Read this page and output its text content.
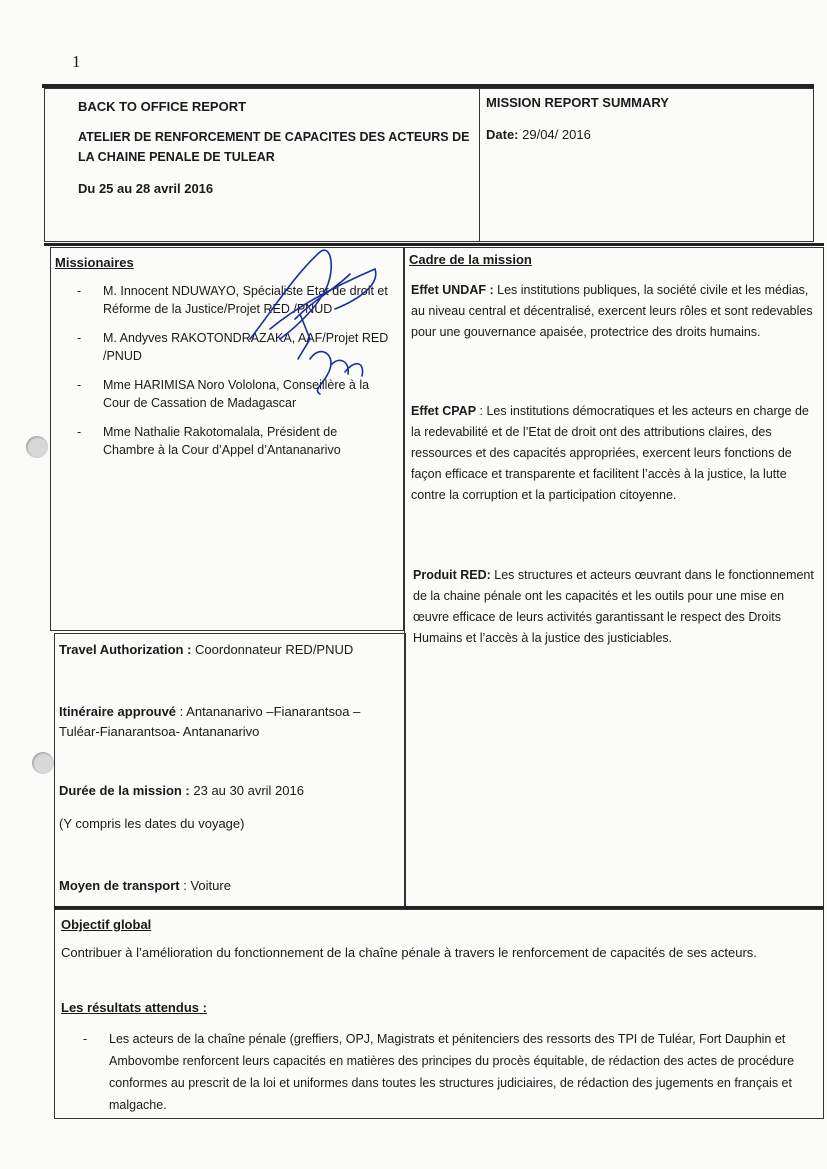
1
BACK TO OFFICE REPORT
ATELIER DE RENFORCEMENT DE CAPACITES DES ACTEURS DE LA CHAINE PENALE DE TULEAR
Du 25 au 28 avril 2016
MISSION REPORT SUMMARY
Date: 29/04/ 2016
Missionaires
- M. Innocent NDUWAYO, Spécialiste Etat de droit et Réforme de la Justice/Projet RED /PNUD
- M. Andyves RAKOTONDRAZAKA, AAF/Projet RED /PNUD
- Mme HARIMISA Noro Vololona, Conseillère à la Cour de Cassation de Madagascar
- Mme Nathalie Rakotomalala, Président de Chambre à la Cour d’Appel d’Antananarivo
Cadre de la mission

Effet UNDAF : Les institutions publiques, la société civile et les médias, au niveau central et décentralisé, exercent leurs rôles et sont redevables pour une gouvernance apaisée, protectrice des droits humains.

Effet CPAP : Les institutions démocratiques et les acteurs en charge de la redevabilité et de l’Etat de droit ont des attributions claires, des ressources et des capacités appropriées, exercent leurs fonctions de façon efficace et transparente et facilitent l’accès à la justice, la lutte contre la corruption et la participation citoyenne.

Produit RED: Les structures et acteurs œuvrant dans le fonctionnement de la chaine pénale ont les capacités et les outils pour une mise en œuvre efficace de leurs activités garantissant le respect des Droits Humains et l’accès à la justice des justiciables.

Travel Authorization : Coordonnateur RED/PNUD
Itinéraire approuvé : Antananarivo –Fianarantsoa – Tuléar-Fianarantsoa- Antananarivo
Durée de la mission : 23 au 30 avril 2016
(Y compris les dates du voyage)
Moyen de transport : Voiture
Objectif global

Contribuer à l’amélioration du fonctionnement de la chaîne pénale à travers le renforcement de capacités de ses acteurs.

Les résultats attendus :
- Les acteurs de la chaîne pénale (greffiers, OPJ, Magistrats et pénitenciers des ressorts des TPI de Tuléar, Fort Dauphin et Ambovombe renforcent leurs capacités en matières des principes du procès équitable, de rédaction des actes de procédure conformes au prescrit de la loi et uniformes dans toutes les structures judiciaires, de rédaction des jugements en français et malgache.
